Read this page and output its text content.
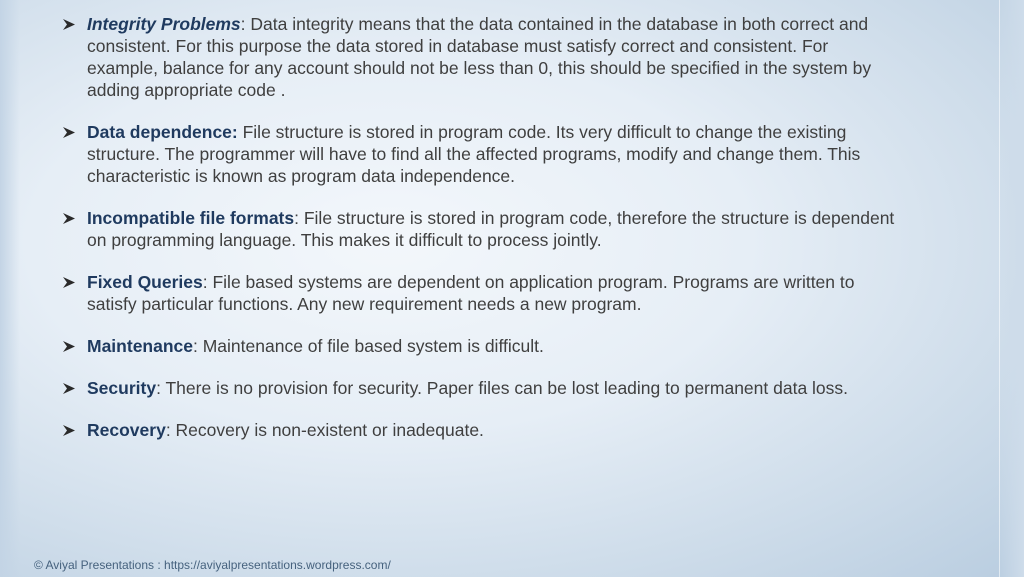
Integrity Problems: Data integrity means that the data contained in the database in both correct and consistent. For this purpose the data stored in database must satisfy correct and consistent. For example, balance for any account should not be less than 0, this should be specified in the system by adding appropriate code .
Data dependence: File structure is stored in program code. Its very difficult to change the existing structure. The programmer will have to find all the affected programs, modify and change them. This characteristic is known as program data independence.
Incompatible file formats: File structure is stored in program code, therefore the structure is dependent on programming language. This makes it difficult to process jointly.
Fixed Queries: File based systems are dependent on application program. Programs are written to satisfy particular functions. Any new requirement needs a new program.
Maintenance: Maintenance of file based system is difficult.
Security: There is no provision for security. Paper files can be lost leading to permanent data loss.
Recovery: Recovery is non-existent or inadequate.
© Aviyal Presentations : https://aviyalpresentations.wordpress.com/
